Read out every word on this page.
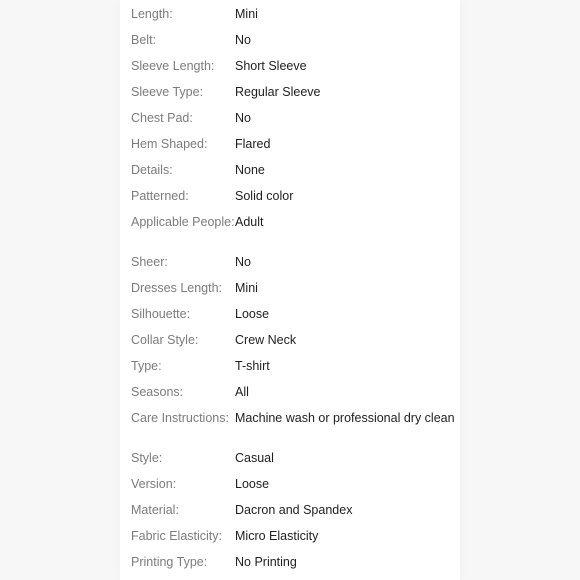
Length:	Mini
Belt:	No
Sleeve Length:	Short Sleeve
Sleeve Type:	Regular Sleeve
Chest Pad:	No
Hem Shaped:	Flared
Details:	None
Patterned:	Solid color
Applicable People: Adult
Sheer:	No
Dresses Length:	Mini
Silhouette:	Loose
Collar Style:	Crew Neck
Type:	T-shirt
Seasons:	All
Care Instructions: Machine wash or professional dry clean
Style:	Casual
Version:	Loose
Material:	Dacron and Spandex
Fabric Elasticity:	Micro Elasticity
Printing Type:	No Printing
